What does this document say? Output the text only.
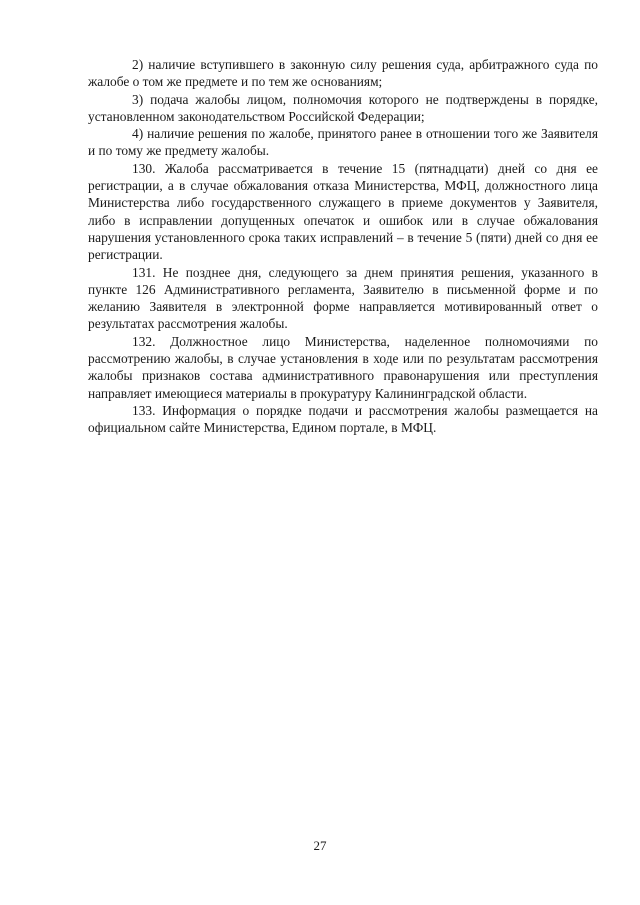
2) наличие вступившего в законную силу решения суда, арбитражного суда по жалобе о том же предмете и по тем же основаниям;

3) подача жалобы лицом, полномочия которого не подтверждены в порядке, установленном законодательством Российской Федерации;

4) наличие решения по жалобе, принятого ранее в отношении того же Заявителя и по тому же предмету жалобы.

130. Жалоба рассматривается в течение 15 (пятнадцати) дней со дня ее регистрации, а в случае обжалования отказа Министерства, МФЦ, должностного лица Министерства либо государственного служащего в приеме документов у Заявителя, либо в исправлении допущенных опечаток и ошибок или в случае обжалования нарушения установленного срока таких исправлений – в течение 5 (пяти) дней со дня ее регистрации.

131. Не позднее дня, следующего за днем принятия решения, указанного в пункте 126 Административного регламента, Заявителю в письменной форме и по желанию Заявителя в электронной форме направляется мотивированный ответ о результатах рассмотрения жалобы.

132. Должностное лицо Министерства, наделенное полномочиями по рассмотрению жалобы, в случае установления в ходе или по результатам рассмотрения жалобы признаков состава административного правонарушения или преступления направляет имеющиеся материалы в прокуратуру Калининградской области.

133. Информация о порядке подачи и рассмотрения жалобы размещается на официальном сайте Министерства, Едином портале, в МФЦ.

27
